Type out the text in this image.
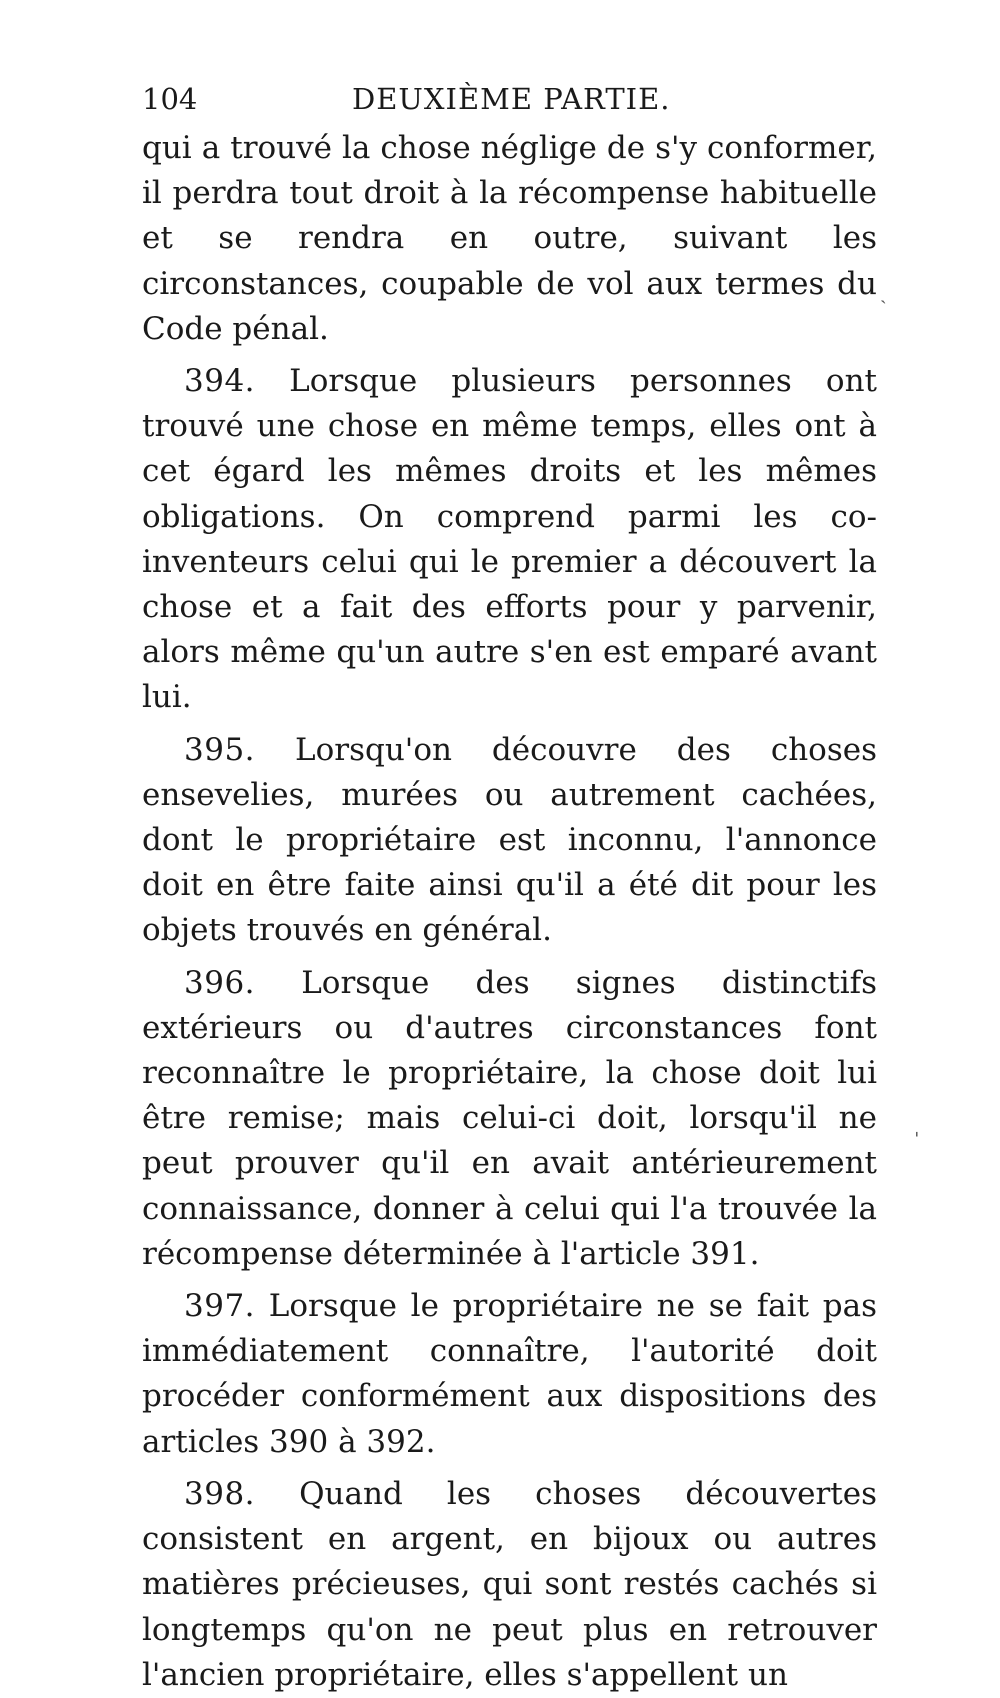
104	DEUXIÈME PARTIE.

qui a trouvé la chose néglige de s'y conformer, il perdra tout droit à la récompense habituelle et se rendra en outre, suivant les circonstances, coupable de vol aux termes du Code pénal.

394. Lorsque plusieurs personnes ont trouvé une chose en même temps, elles ont à cet égard les mêmes droits et les mêmes obligations. On comprend parmi les co-inventeurs celui qui le premier a découvert la chose et a fait des efforts pour y parvenir, alors même qu'un autre s'en est emparé avant lui.

395. Lorsqu'on découvre des choses ensevelies, murées ou autrement cachées, dont le propriétaire est inconnu, l'annonce doit en être faite ainsi qu'il a été dit pour les objets trouvés en général.

396. Lorsque des signes distinctifs extérieurs ou d'autres circonstances font reconnaître le propriétaire, la chose doit lui être remise; mais celui-ci doit, lorsqu'il ne peut prouver qu'il en avait antérieurement connaissance, donner à celui qui l'a trouvée la récompense déterminée à l'article 391.

397. Lorsque le propriétaire ne se fait pas immédiatement connaître, l'autorité doit procéder conformément aux dispositions des articles 390 à 392.

398. Quand les choses découvertes consistent en argent, en bijoux ou autres matières précieuses, qui sont restés cachés si longtemps qu'on ne peut plus en retrouver l'ancien propriétaire, elles s'appellent un

ˎ
ˈ
